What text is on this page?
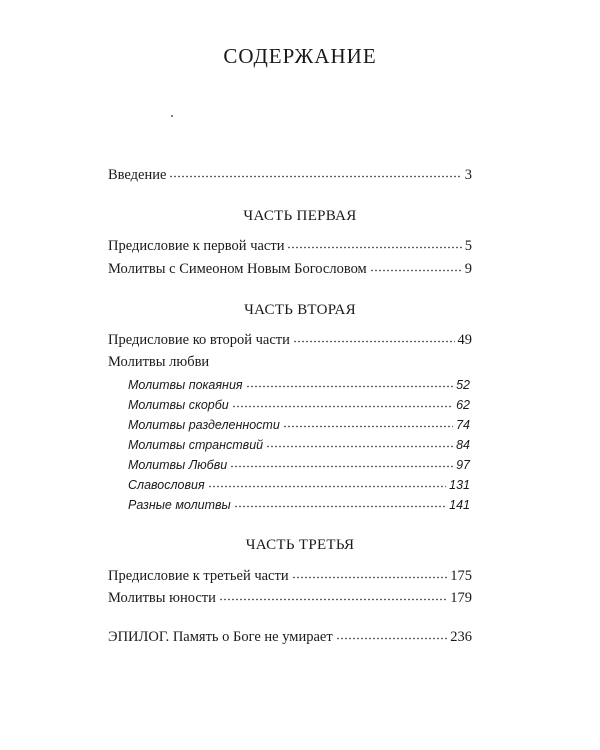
СОДЕРЖАНИЕ
Введение	3
ЧАСТЬ ПЕРВАЯ
Предисловие к первой части	5
Молитвы с Симеоном Новым Богословом	9
ЧАСТЬ ВТОРАЯ
Предисловие ко второй части	49
Молитвы любви
Молитвы покаяния	52
Молитвы скорби	62
Молитвы разделенности	74
Молитвы странствий	84
Молитвы Любви	97
Славословия	131
Разные молитвы	141
ЧАСТЬ ТРЕТЬЯ
Предисловие к третьей части	175
Молитвы юности	179
ЭПИЛОГ. Память о Боге не умирает	236
